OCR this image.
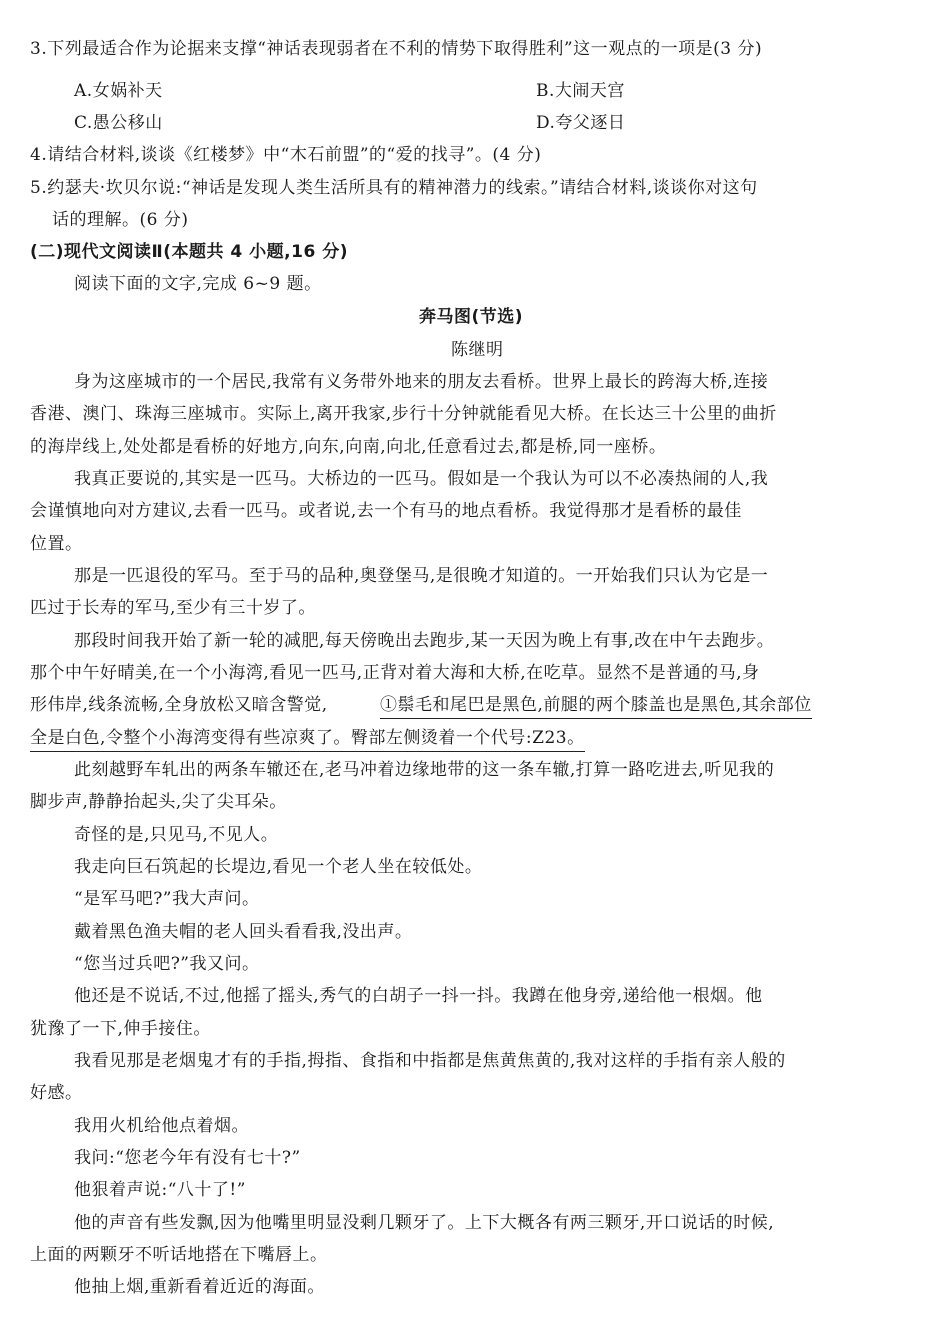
3.下列最适合作为论据来支撑“神话表现弱者在不利的情势下取得胜利”这一观点的一项是(3 分)
A.女娲补天	B.大闹天宫
C.愚公移山	D.夸父逐日
4.请结合材料,谈谈《红楼梦》中“木石前盟”的“爱的找寻”。(4 分)
5.约瑟夫·坎贝尔说:“神话是发现人类生活所具有的精神潜力的线索。”请结合材料,谈谈你对这句
话的理解。(6 分)
(二)现代文阅读Ⅱ(本题共 4 小题,16 分)
阅读下面的文字,完成 6~9 题。
奔马图(节选)
陈继明
身为这座城市的一个居民,我常有义务带外地来的朋友去看桥。世界上最长的跨海大桥,连接
香港、澳门、珠海三座城市。实际上,离开我家,步行十分钟就能看见大桥。在长达三十公里的曲折
的海岸线上,处处都是看桥的好地方,向东,向南,向北,任意看过去,都是桥,同一座桥。
我真正要说的,其实是一匹马。大桥边的一匹马。假如是一个我认为可以不必凑热闹的人,我
会谨慎地向对方建议,去看一匹马。或者说,去一个有马的地点看桥。我觉得那才是看桥的最佳
位置。
那是一匹退役的军马。至于马的品种,奥登堡马,是很晚才知道的。一开始我们只认为它是一
匹过于长寿的军马,至少有三十岁了。
那段时间我开始了新一轮的减肥,每天傍晚出去跑步,某一天因为晚上有事,改在中午去跑步。
那个中午好晴美,在一个小海湾,看见一匹马,正背对着大海和大桥,在吃草。显然不是普通的马,身
形伟岸,线条流畅,全身放松又暗含警觉,	①鬃毛和尾巴是黑色,前腿的两个膝盖也是黑色,其余部位
全是白色,令整个小海湾变得有些凉爽了。臀部左侧烫着一个代号:Z23。
此刻越野车轧出的两条车辙还在,老马冲着边缘地带的这一条车辙,打算一路吃进去,听见我的
脚步声,静静抬起头,尖了尖耳朵。
奇怪的是,只见马,不见人。
我走向巨石筑起的长堤边,看见一个老人坐在较低处。
“是军马吧?”我大声问。
戴着黑色渔夫帽的老人回头看看我,没出声。
“您当过兵吧?”我又问。
他还是不说话,不过,他摇了摇头,秀气的白胡子一抖一抖。我蹲在他身旁,递给他一根烟。他
犹豫了一下,伸手接住。
我看见那是老烟鬼才有的手指,拇指、食指和中指都是焦黄焦黄的,我对这样的手指有亲人般的
好感。
我用火机给他点着烟。
我问:“您老今年有没有七十?”
他狠着声说:“八十了!”
他的声音有些发飘,因为他嘴里明显没剩几颗牙了。上下大概各有两三颗牙,开口说话的时候,
上面的两颗牙不听话地搭在下嘴唇上。
他抽上烟,重新看着近近的海面。
